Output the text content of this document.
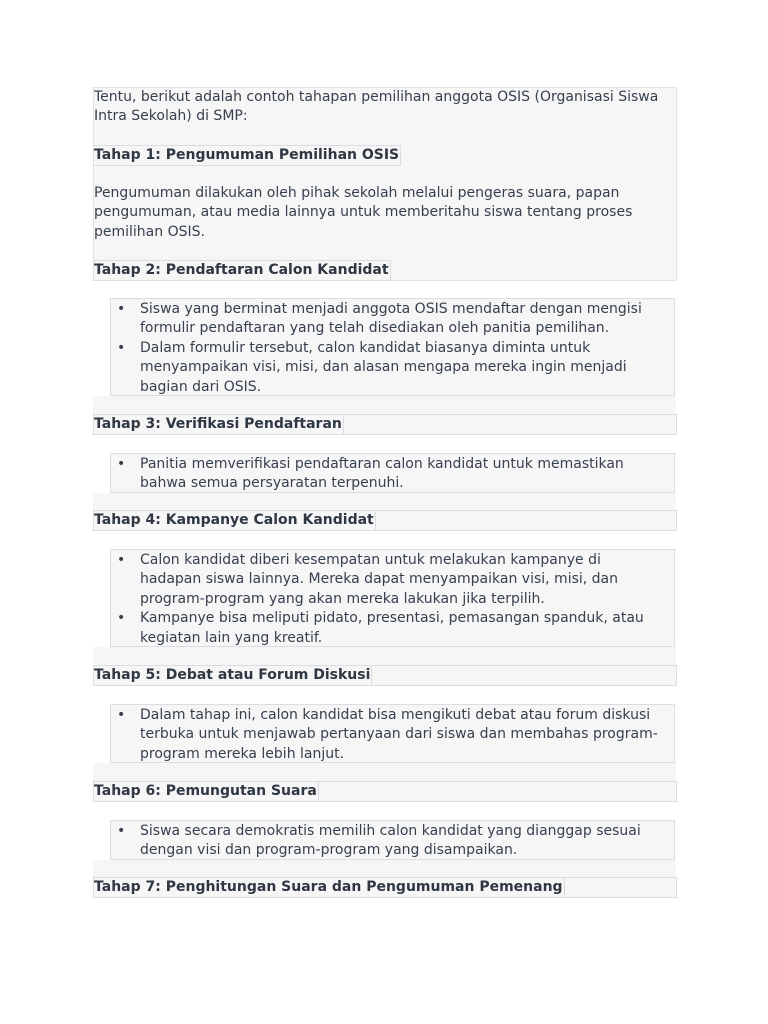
Tentu, berikut adalah contoh tahapan pemilihan anggota OSIS (Organisasi Siswa Intra Sekolah) di SMP:

Tahap 1: Pengumuman Pemilihan OSIS

Pengumuman dilakukan oleh pihak sekolah melalui pengeras suara, papan pengumuman, atau media lainnya untuk memberitahu siswa tentang proses pemilihan OSIS.

Tahap 2: Pendaftaran Calon Kandidat
• Siswa yang berminat menjadi anggota OSIS mendaftar dengan mengisi formulir pendaftaran yang telah disediakan oleh panitia pemilihan.
• Dalam formulir tersebut, calon kandidat biasanya diminta untuk menyampaikan visi, misi, dan alasan mengapa mereka ingin menjadi bagian dari OSIS.
Tahap 3: Verifikasi Pendaftaran
• Panitia memverifikasi pendaftaran calon kandidat untuk memastikan bahwa semua persyaratan terpenuhi.
Tahap 4: Kampanye Calon Kandidat
• Calon kandidat diberi kesempatan untuk melakukan kampanye di hadapan siswa lainnya. Mereka dapat menyampaikan visi, misi, dan program-program yang akan mereka lakukan jika terpilih.
• Kampanye bisa meliputi pidato, presentasi, pemasangan spanduk, atau kegiatan lain yang kreatif.
Tahap 5: Debat atau Forum Diskusi
• Dalam tahap ini, calon kandidat bisa mengikuti debat atau forum diskusi terbuka untuk menjawab pertanyaan dari siswa dan membahas program-program mereka lebih lanjut.
Tahap 6: Pemungutan Suara
• Siswa secara demokratis memilih calon kandidat yang dianggap sesuai dengan visi dan program-program yang disampaikan.
Tahap 7: Penghitungan Suara dan Pengumuman Pemenang
